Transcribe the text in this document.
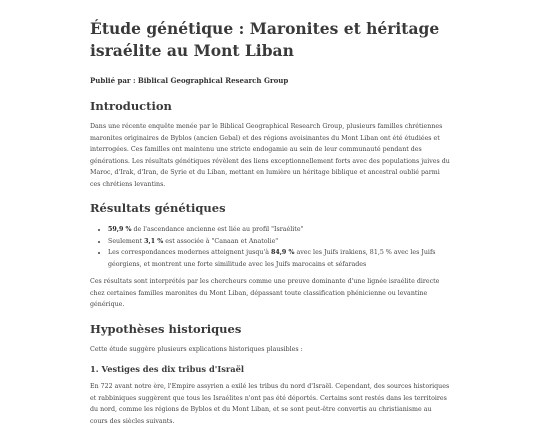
Étude génétique : Maronites et héritage israélite au Mont Liban
Publié par : Biblical Geographical Research Group
Introduction

Dans une récente enquête menée par le Biblical Geographical Research Group, plusieurs familles chrétiennes maronites originaires de Byblos (ancien Gebal) et des régions avoisinantes du Mont Liban ont été étudiées et interrogées. Ces familles ont maintenu une stricte endogamie au sein de leur communauté pendant des générations. Les résultats génétiques révèlent des liens exceptionnellement forts avec des populations juives du Maroc, d'Irak, d'Iran, de Syrie et du Liban, mettant en lumière un héritage biblique et ancestral oublié parmi ces chrétiens levantins.

Résultats génétiques
• 59,9 % de l'ascendance ancienne est liée au profil "Israélite"
• Seulement 3,1 % est associée à "Canaan et Anatolie"
• Les correspondances modernes atteignent jusqu'à 84,9 % avec les Juifs irakiens, 81,5 % avec les Juifs géorgiens, et montrent une forte similitude avec les Juifs marocains et séfarades

Ces résultats sont interprétés par les chercheurs comme une preuve dominante d'une lignée israélite directe chez certaines familles maronites du Mont Liban, dépassant toute classification phénicienne ou levantine générique.

Hypothèses historiques

Cette étude suggère plusieurs explications historiques plausibles :

1. Vestiges des dix tribus d'Israël

En 722 avant notre ère, l'Empire assyrien a exilé les tribus du nord d'Israël. Cependant, des sources historiques et rabbiniques suggèrent que tous les Israélites n'ont pas été déportés. Certains sont restés dans les territoires du nord, comme les régions de Byblos et du Mont Liban, et se sont peut-être convertis au christianisme au cours des siècles suivants.
